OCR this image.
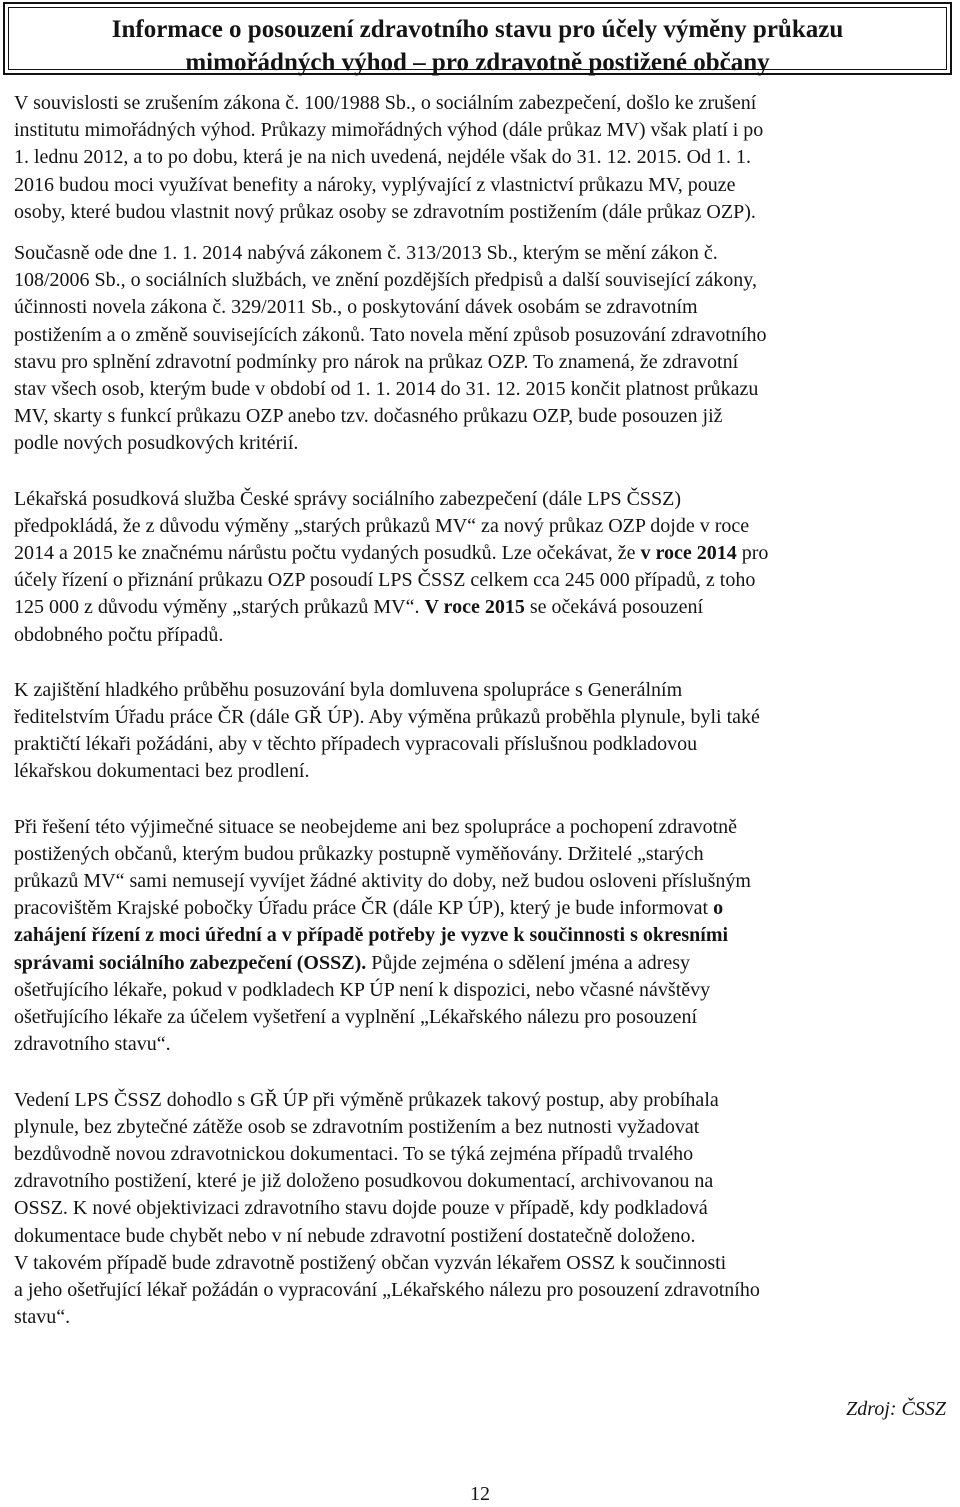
Informace o posouzení zdravotního stavu pro účely výměny průkazu
mimořádných výhod – pro zdravotně postižené občany

V souvislosti se zrušením zákona č. 100/1988 Sb., o sociálním zabezpečení, došlo ke zrušení
institutu mimořádných výhod. Průkazy mimořádných výhod (dále průkaz MV) však platí i po
1. lednu 2012, a to po dobu, která je na nich uvedená, nejdéle však do 31. 12. 2015. Od 1. 1.
2016 budou moci využívat benefity a nároky, vyplývající z vlastnictví průkazu MV, pouze
osoby, které budou vlastnit nový průkaz osoby se zdravotním postižením (dále průkaz OZP).

Současně ode dne 1. 1. 2014 nabývá zákonem č. 313/2013 Sb., kterým se mění zákon č.
108/2006 Sb., o sociálních službách, ve znění pozdějších předpisů a další související zákony,
účinnosti novela zákona č. 329/2011 Sb., o poskytování dávek osobám se zdravotním
postižením a o změně souvisejících zákonů. Tato novela mění způsob posuzování zdravotního
stavu pro splnění zdravotní podmínky pro nárok na průkaz OZP. To znamená, že zdravotní
stav všech osob, kterým bude v období od 1. 1. 2014 do 31. 12. 2015 končit platnost průkazu
MV, skarty s funkcí průkazu OZP anebo tzv. dočasného průkazu OZP, bude posouzen již
podle nových posudkových kritérií.

Lékařská posudková služba České správy sociálního zabezpečení (dále LPS ČSSZ)
předpokládá, že z důvodu výměny „starých průkazů MV“ za nový průkaz OZP dojde v roce
2014 a 2015 ke značnému nárůstu počtu vydaných posudků. Lze očekávat, že v roce 2014 pro
účely řízení o přiznání průkazu OZP posoudí LPS ČSSZ celkem cca 245 000 případů, z toho
125 000 z důvodu výměny „starých průkazů MV“. V roce 2015 se očekává posouzení
obdobného počtu případů.

K zajištění hladkého průběhu posuzování byla domluvena spolupráce s Generálním
ředitelstvím Úřadu práce ČR (dále GŘ ÚP). Aby výměna průkazů proběhla plynule, byli také
praktičtí lékaři požádáni, aby v těchto případech vypracovali příslušnou podkladovou
lékařskou dokumentaci bez prodlení.

Při řešení této výjimečné situace se neobejdeme ani bez spolupráce a pochopení zdravotně
postižených občanů, kterým budou průkazky postupně vyměňovány. Držitelé „starých
průkazů MV“ sami nemusejí vyvíjet žádné aktivity do doby, než budou osloveni příslušným
pracovištěm Krajské pobočky Úřadu práce ČR (dále KP ÚP), který je bude informovat o
zahájení řízení z moci úřední a v případě potřeby je vyzve k součinnosti s okresními
správami sociálního zabezpečení (OSSZ). Půjde zejména o sdělení jména a adresy
ošetřujícího lékaře, pokud v podkladech KP ÚP není k dispozici, nebo včasné návštěvy
ošetřujícího lékaře za účelem vyšetření a vyplnění „Lékařského nálezu pro posouzení
zdravotního stavu“.

Vedení LPS ČSSZ dohodlo s GŘ ÚP při výměně průkazek takový postup, aby probíhala
plynule, bez zbytečné zátěže osob se zdravotním postižením a bez nutnosti vyžadovat
bezdůvodně novou zdravotnickou dokumentaci. To se týká zejména případů trvalého
zdravotního postižení, které je již doloženo posudkovou dokumentací, archivovanou na
OSSZ. K nové objektivizaci zdravotního stavu dojde pouze v případě, kdy podkladová
dokumentace bude chybět nebo v ní nebude zdravotní postižení dostatečně doloženo.
V takovém případě bude zdravotně postižený občan vyzván lékařem OSSZ k součinnosti
a jeho ošetřující lékař požádán o vypracování „Lékařského nálezu pro posouzení zdravotního
stavu“.

Zdroj: ČSSZ
12
